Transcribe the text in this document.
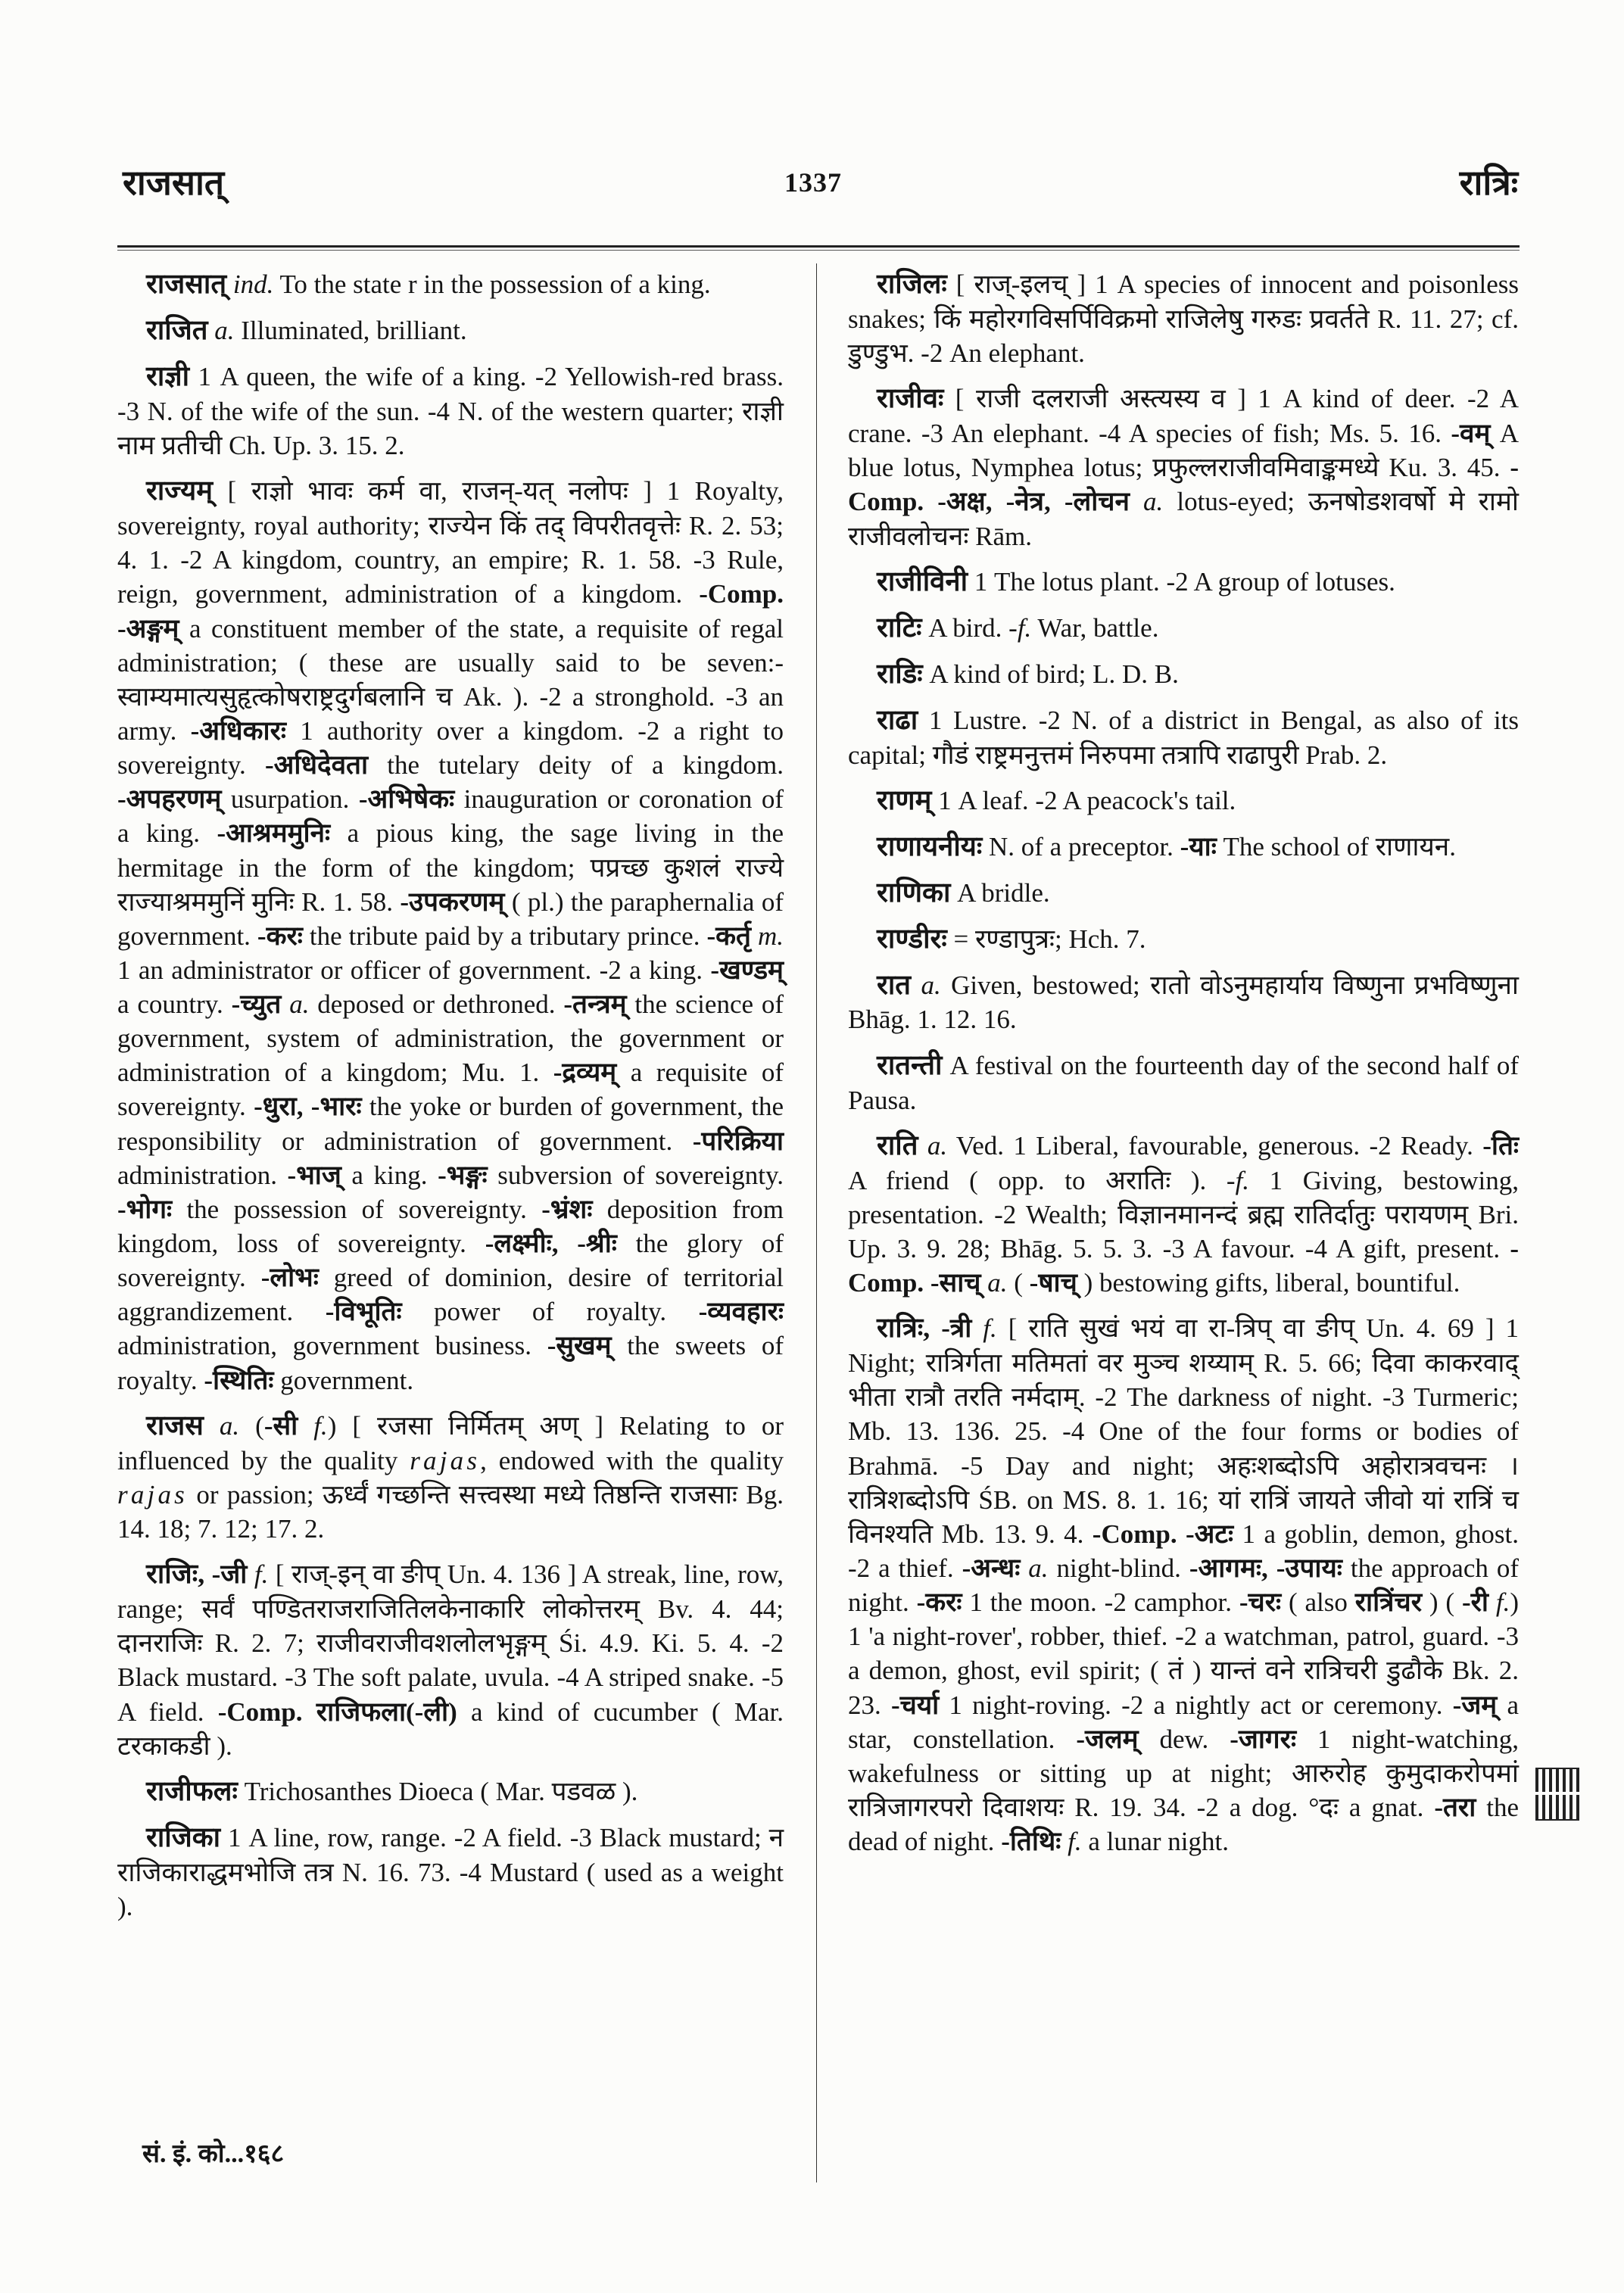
राजसात्	1337	रात्रिः

राजसात् ind. To the state r in the possession of a king.

राजित a. Illuminated, brilliant.

राज्ञी 1 A queen, the wife of a king. -2 Yellowish-red brass. -3 N. of the wife of the sun. -4 N. of the western quarter; राज्ञी नाम प्रतीची Ch. Up. 3. 15. 2.

राज्यम् [ राज्ञो भावः कर्म वा, राजन्-यत् नलोपः ] 1 Royalty, sovereignty, royal authority; राज्येन किं तद् विपरीतवृत्तेः R. 2. 53; 4. 1. -2 A kingdom, country, an empire; R. 1. 58. -3 Rule, reign, government, administration of a kingdom. -Comp. -अङ्गम् a constituent member of the state, a requisite of regal administration; ( these are usually said to be seven:-स्वाम्यमात्यसुहृत्कोषराष्ट्रदुर्गबलानि च Ak. ). -2 a stronghold. -3 an army. -अधिकारः 1 authority over a kingdom. -2 a right to sovereignty. -अधिदेवता the tutelary deity of a kingdom. -अपहरणम् usurpation. -अभिषेकः inauguration or coronation of a king. -आश्रममुनिः a pious king, the sage living in the hermitage in the form of the kingdom; पप्रच्छ कुशलं राज्ये राज्याश्रममुनिं मुनिः R. 1. 58. -उपकरणम् ( pl.) the paraphernalia of government. -करः the tribute paid by a tributary prince. -कर्तृ m. 1 an administrator or officer of government. -2 a king. -खण्डम् a country. -च्युत a. deposed or dethroned. -तन्त्रम् the science of government, system of administration, the government or administration of a kingdom; Mu. 1. -द्रव्यम् a requisite of sovereignty. -धुरा, -भारः the yoke or burden of government, the responsibility or administration of government. -परिक्रिया administration. -भाज् a king. -भङ्गः subversion of sovereignty. -भोगः the possession of sovereignty. -भ्रंशः deposition from kingdom, loss of sovereignty. -लक्ष्मीः, -श्रीः the glory of sovereignty. -लोभः greed of dominion, desire of territorial aggrandizement. -विभूतिः power of royalty. -व्यवहारः administration, government business. -सुखम् the sweets of royalty. -स्थितिः government.

राजस a. (-सी f.) [ रजसा निर्मितम् अण् ] Relating to or influenced by the quality rajas, endowed with the quality rajas or passion; ऊर्ध्वं गच्छन्ति सत्त्वस्था मध्ये तिष्ठन्ति राजसाः Bg. 14. 18; 7. 12; 17. 2.

राजिः, -जी f. [ राज्-इन् वा ङीप् Un. 4. 136 ] A streak, line, row, range; सर्वं पण्डितराजराजितिलकेनाकारि लोकोत्तरम् Bv. 4. 44; दानराजिः R. 2. 7; राजीवराजीवशलोलभृङ्गम् Śi. 4.9. Ki. 5. 4. -2 Black mustard. -3 The soft palate, uvula. -4 A striped snake. -5 A field. -Comp. राजिफला(-ली) a kind of cucumber ( Mar. टरकाकडी ).

राजीफलः Trichosanthes Dioeca ( Mar. पडवळ ).

राजिका 1 A line, row, range. -2 A field. -3 Black mustard; न राजिकाराद्धमभोजि तत्र N. 16. 73. -4 Mustard ( used as a weight ).

राजिलः [ राज्-इलच् ] 1 A species of innocent and poisonless snakes; किं महोरगविसर्पिविक्रमो राजिलेषु गरुडः प्रवर्तते R. 11. 27; cf. डुण्डुभ. -2 An elephant.

राजीवः [ राजी दलराजी अस्त्यस्य व ] 1 A kind of deer. -2 A crane. -3 An elephant. -4 A species of fish; Ms. 5. 16. -वम् A blue lotus, Nymphea lotus; प्रफुल्लराजीवमिवाङ्कमध्ये Ku. 3. 45. -Comp. -अक्ष, -नेत्र, -लोचन a. lotus-eyed; ऊनषोडशवर्षो मे रामो राजीवलोचनः Rām.

राजीविनी 1 The lotus plant. -2 A group of lotuses.

राटिः A bird. -f. War, battle.

राडिः A kind of bird; L. D. B.

राढा 1 Lustre. -2 N. of a district in Bengal, as also of its capital; गौडं राष्ट्रमनुत्तमं निरुपमा तत्रापि राढापुरी Prab. 2.

राणम् 1 A leaf. -2 A peacock's tail.

राणायनीयः N. of a preceptor. -याः The school of राणायन.

राणिका A bridle.

राण्डीरः = रण्डापुत्रः; Hch. 7.

रात a. Given, bestowed; रातो वोऽनुमहार्याय विष्णुना प्रभविष्णुना Bhāg. 1. 12. 16.

रातन्ती A festival on the fourteenth day of the second half of Pausa.

राति a. Ved. 1 Liberal, favourable, generous. -2 Ready. -तिः A friend ( opp. to अरातिः ). -f. 1 Giving, bestowing, presentation. -2 Wealth; विज्ञानमानन्दं ब्रह्म रातिर्दातुः परायणम् Bri. Up. 3. 9. 28; Bhāg. 5. 5. 3. -3 A favour. -4 A gift, present. -Comp. -साच् a. ( -षाच् ) bestowing gifts, liberal, bountiful.

रात्रिः, -त्री f. [ राति सुखं भयं वा रा-त्रिप् वा ङीप् Un. 4. 69 ] 1 Night; रात्रिर्गता मतिमतां वर मुञ्च शय्याम् R. 5. 66; दिवा काकरवाद् भीता रात्रौ तरति नर्मदाम्. -2 The darkness of night. -3 Turmeric; Mb. 13. 136. 25. -4 One of the four forms or bodies of Brahmā. -5 Day and night; अहःशब्दोऽपि अहोरात्रवचनः । रात्रिशब्दोऽपि ŚB. on MS. 8. 1. 16; यां रात्रिं जायते जीवो यां रात्रिं च विनश्यति Mb. 13. 9. 4. -Comp. -अटः 1 a goblin, demon, ghost. -2 a thief. -अन्धः a. night-blind. -आगमः, -उपायः the approach of night. -करः 1 the moon. -2 camphor. -चरः ( also रात्रिंचर ) ( -री f.) 1 'a night-rover', robber, thief. -2 a watchman, patrol, guard. -3 a demon, ghost, evil spirit; ( तं ) यान्तं वने रात्रिचरी डुढौके Bk. 2. 23. -चर्या 1 night-roving. -2 a nightly act or ceremony. -जम् a star, constellation. -जलम् dew. -जागरः 1 night-watching, wakefulness or sitting up at night; आरुरोह कुमुदाकरोपमां रात्रिजागरपरो दिवाशयः R. 19. 34. -2 a dog. °दः a gnat. -तरा the dead of night. -तिथिः f. a lunar night.

सं. इं. को...१६८
